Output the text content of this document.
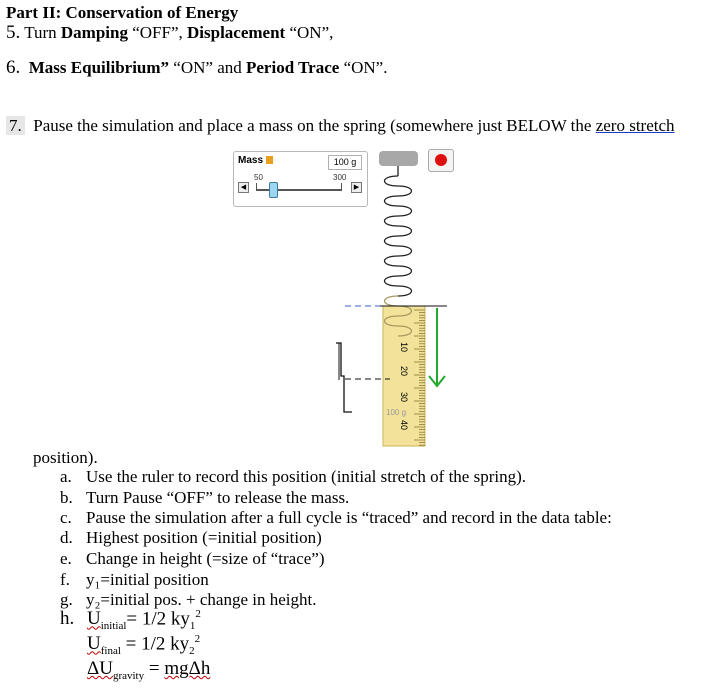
Part II: Conservation of Energy
5. Turn Damping “OFF”, Displacement “ON”,
6. Mass Equilibrium” “ON” and Period Trace “ON”.
7. Pause the simulation and place a mass on the spring (somewhere just BELOW the zero stretch
Mass	100 g
50	300
◀	▶
10
20
30
40
100 g
position).
a. Use the ruler to record this position (initial stretch of the spring).
b. Turn Pause “OFF” to release the mass.
c. Pause the simulation after a full cycle is “traced” and record in the data table:
d. Highest position (=initial position)
e. Change in height (=size of “trace”)
f. y₁=initial position
g. y₂=initial pos. + change in height.
h. $U_{initial}= 1/2$ $ky_1^2$
$U_{final} = 1/2$ $ky_2^2$
$\Delta U_{gravity} = mg\Delta h$
